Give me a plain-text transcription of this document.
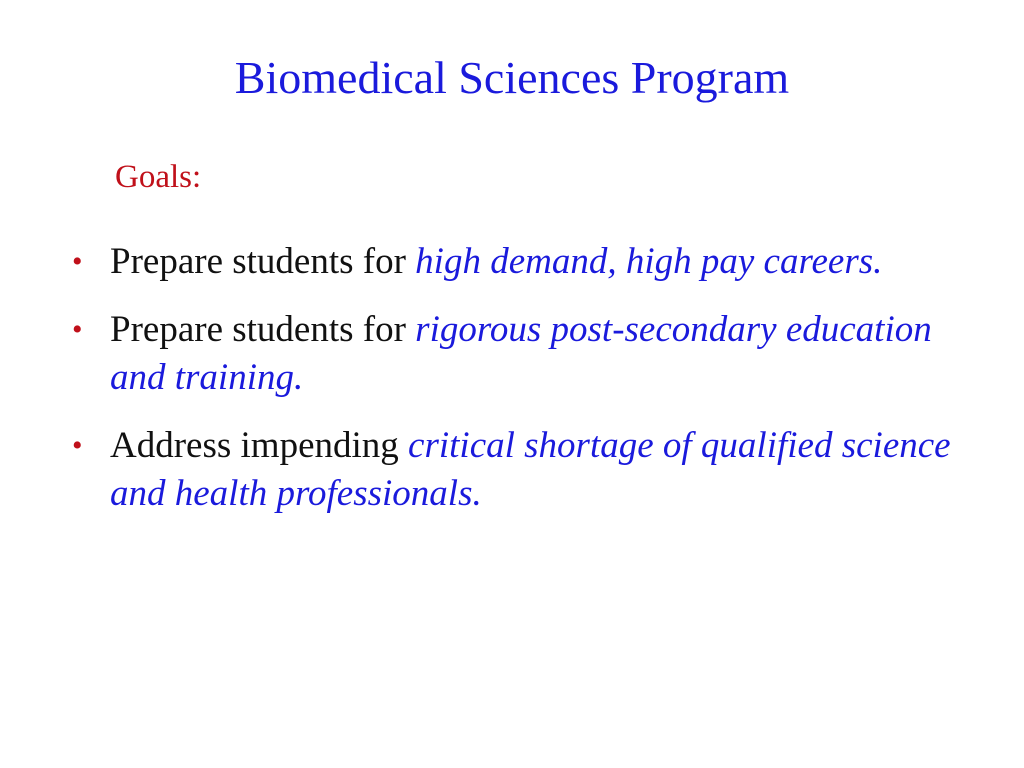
Biomedical Sciences Program
Goals:
• Prepare students for high demand, high pay careers.
• Prepare students for rigorous post-secondary education and training.
• Address impending critical shortage of qualified science and health professionals.
